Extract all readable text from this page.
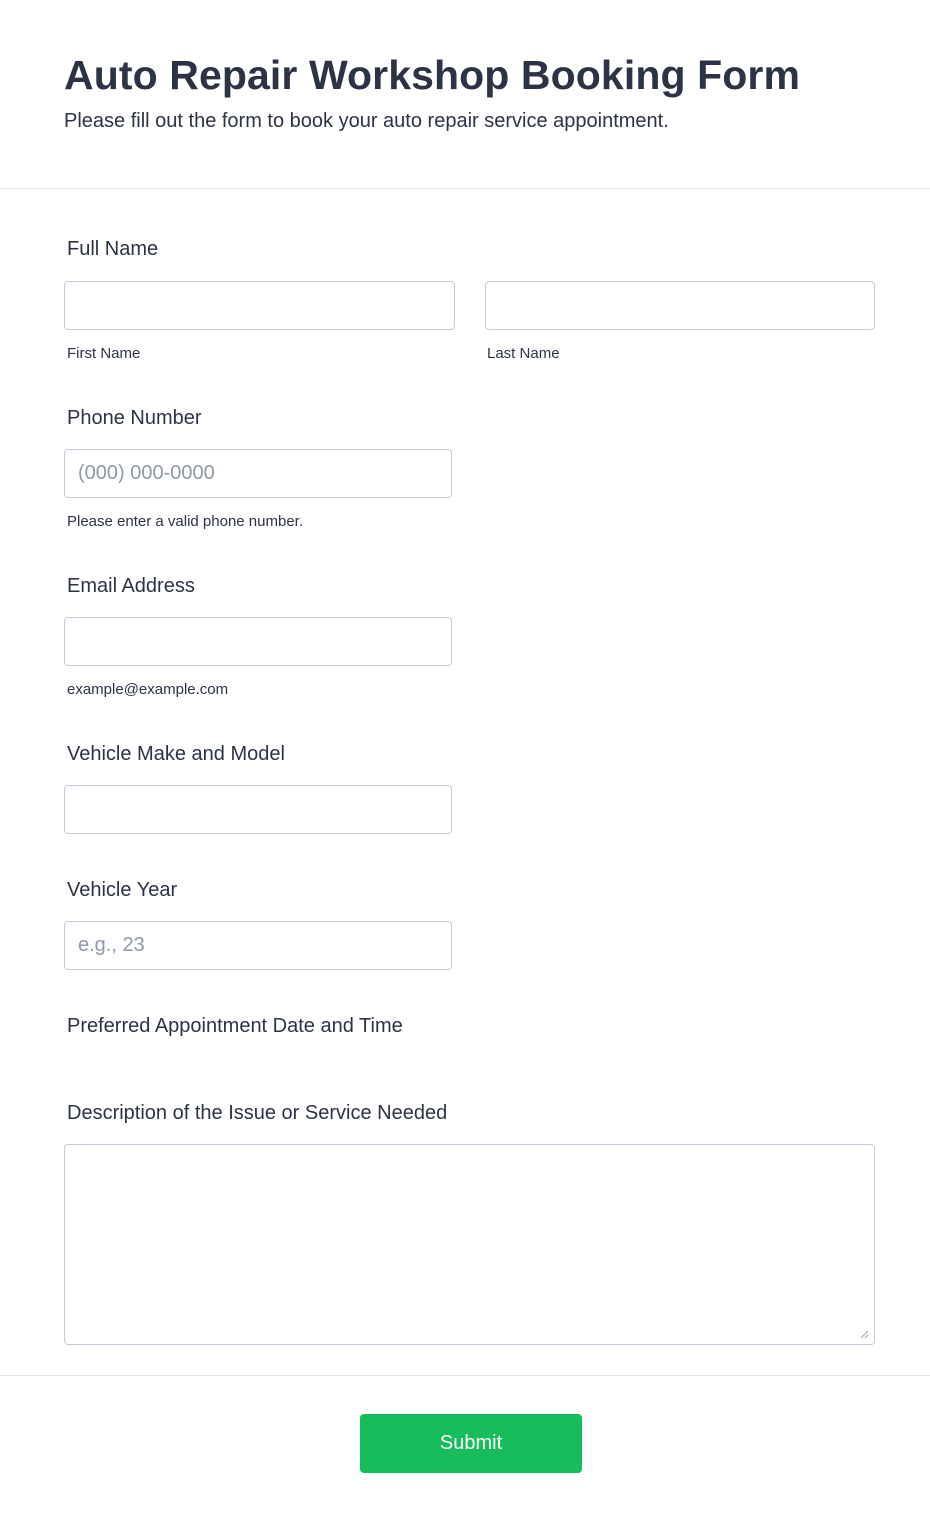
Auto Repair Workshop Booking Form

Please fill out the form to book your auto repair service appointment.

Full Name
First Name	Last Name
Phone Number
(000) 000-0000
Please enter a valid phone number.
Email Address
example@example.com
Vehicle Make and Model
Vehicle Year
e.g., 23
Preferred Appointment Date and Time
Description of the Issue or Service Needed
Submit
